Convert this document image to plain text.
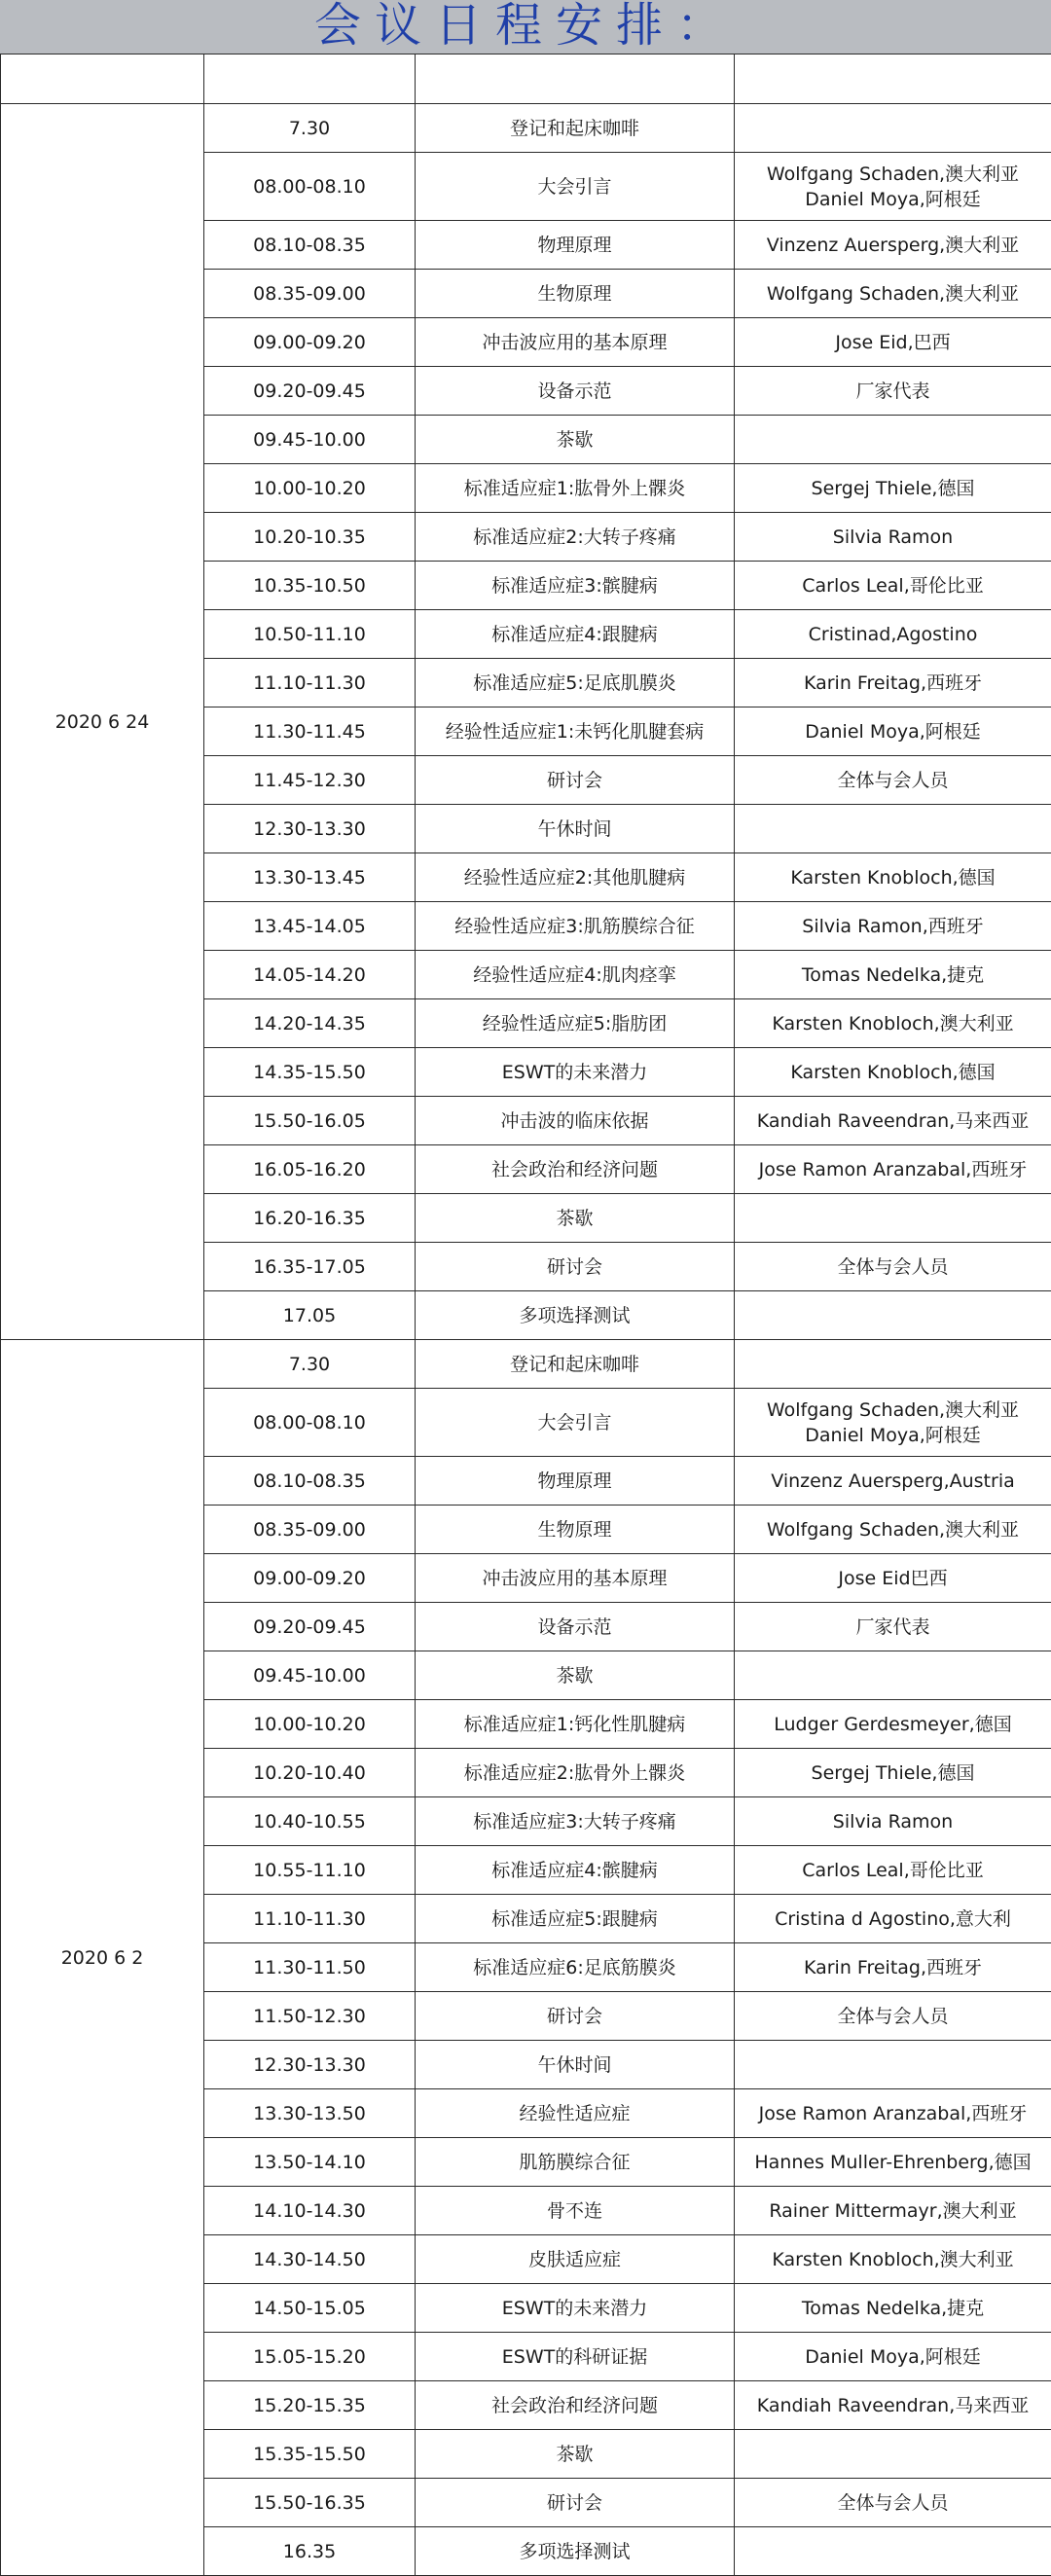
会议日程安排：

2020 6 24	7.30	登记和起床咖啡	
	08.00-08.10	大会引言	Wolfgang Schaden,澳大利亚
Daniel Moya,阿根廷
	08.10-08.35	物理原理	Vinzenz Auersperg,澳大利亚
	08.35-09.00	生物原理	Wolfgang Schaden,澳大利亚
	09.00-09.20	冲击波应用的基本原理	Jose Eid,巴西
	09.20-09.45	设备示范	厂家代表
	09.45-10.00	茶歇	
	10.00-10.20	标准适应症1:肱骨外上髁炎	Sergej Thiele,德国
	10.20-10.35	标准适应症2:大转子疼痛	Silvia Ramon
	10.35-10.50	标准适应症3:髌腱病	Carlos Leal,哥伦比亚
	10.50-11.10	标准适应症4:跟腱病	Cristinad,Agostino
	11.10-11.30	标准适应症5:足底肌膜炎	Karin Freitag,西班牙
	11.30-11.45	经验性适应症1:未钙化肌腱套病	Daniel Moya,阿根廷
	11.45-12.30	研讨会	全体与会人员
	12.30-13.30	午休时间	
	13.30-13.45	经验性适应症2:其他肌腱病	Karsten Knobloch,德国
	13.45-14.05	经验性适应症3:肌筋膜综合征	Silvia Ramon,西班牙
	14.05-14.20	经验性适应症4:肌肉痉挛	Tomas Nedelka,捷克
	14.20-14.35	经验性适应症5:脂肪团	Karsten Knobloch,澳大利亚
	14.35-15.50	ESWT的未来潜力	Karsten Knobloch,德国
	15.50-16.05	冲击波的临床依据	Kandiah Raveendran,马来西亚
	16.05-16.20	社会政治和经济问题	Jose Ramon Aranzabal,西班牙
	16.20-16.35	茶歇	
	16.35-17.05	研讨会	全体与会人员
	17.05	多项选择测试	
2020 6 2	7.30	登记和起床咖啡	
	08.00-08.10	大会引言	Wolfgang Schaden,澳大利亚
Daniel Moya,阿根廷
	08.10-08.35	物理原理	Vinzenz Auersperg,Austria
	08.35-09.00	生物原理	Wolfgang Schaden,澳大利亚
	09.00-09.20	冲击波应用的基本原理	Jose Eid巴西
	09.20-09.45	设备示范	厂家代表
	09.45-10.00	茶歇	
	10.00-10.20	标准适应症1:钙化性肌腱病	Ludger Gerdesmeyer,德国
	10.20-10.40	标准适应症2:肱骨外上髁炎	Sergej Thiele,德国
	10.40-10.55	标准适应症3:大转子疼痛	Silvia Ramon
	10.55-11.10	标准适应症4:髌腱病	Carlos Leal,哥伦比亚
	11.10-11.30	标准适应症5:跟腱病	Cristina d Agostino,意大利
	11.30-11.50	标准适应症6:足底筋膜炎	Karin Freitag,西班牙
	11.50-12.30	研讨会	全体与会人员
	12.30-13.30	午休时间	
	13.30-13.50	经验性适应症	Jose Ramon Aranzabal,西班牙
	13.50-14.10	肌筋膜综合征	Hannes Muller-Ehrenberg,德国
	14.10-14.30	骨不连	Rainer Mittermayr,澳大利亚
	14.30-14.50	皮肤适应症	Karsten Knobloch,澳大利亚
	14.50-15.05	ESWT的未来潜力	Tomas Nedelka,捷克
	15.05-15.20	ESWT的科研证据	Daniel Moya,阿根廷
	15.20-15.35	社会政治和经济问题	Kandiah Raveendran,马来西亚
	15.35-15.50	茶歇	
	15.50-16.35	研讨会	全体与会人员
	16.35	多项选择测试	
